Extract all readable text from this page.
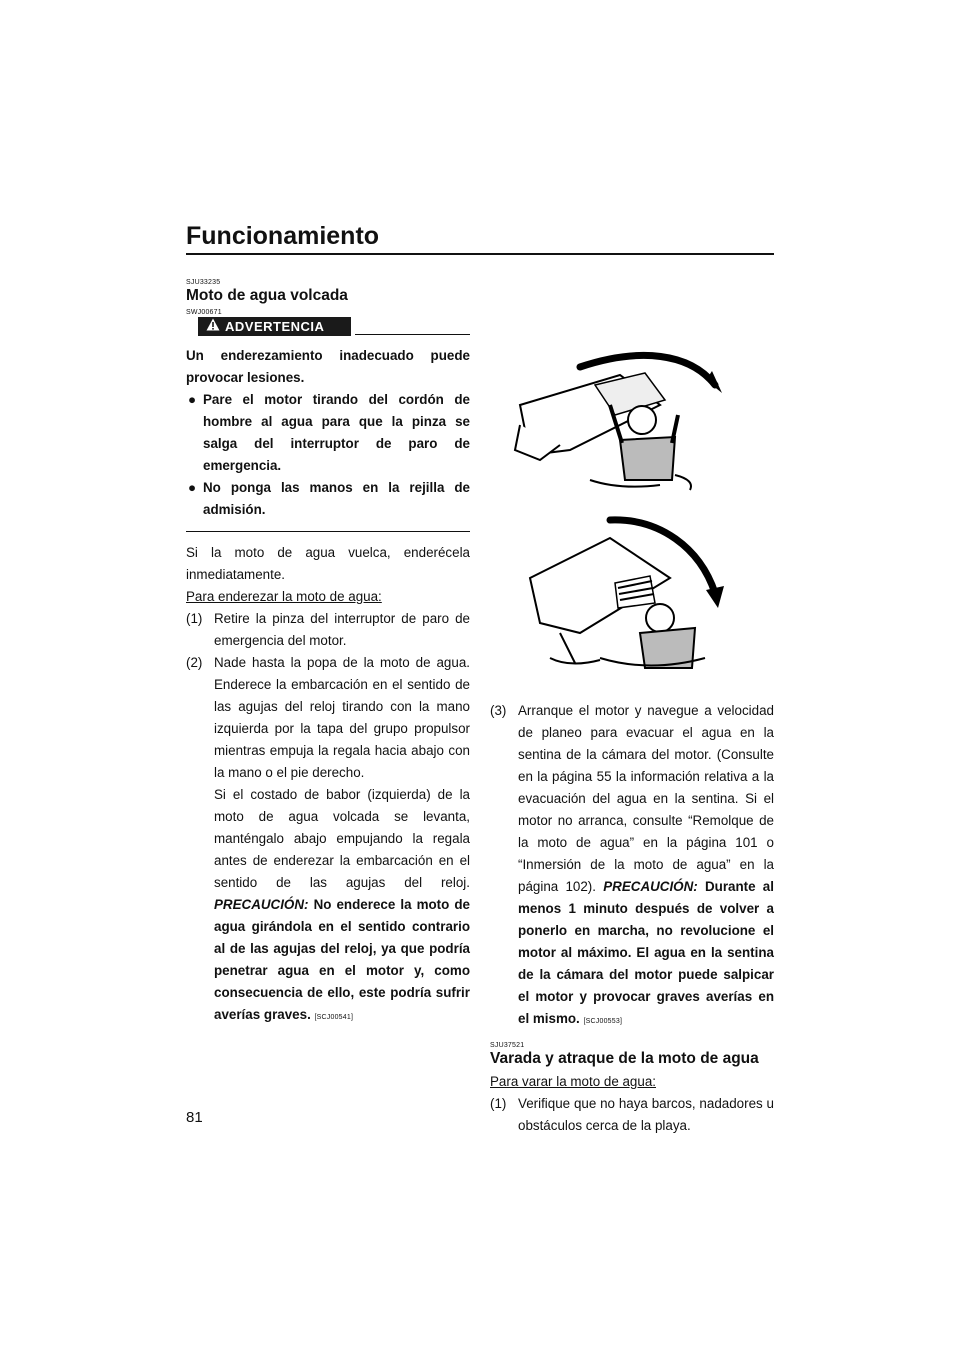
Funcionamiento
81
SJU33235
Moto de agua volcada
SWJ00671
ADVERTENCIA

Un enderezamiento inadecuado puede provocar lesiones.

● Pare el motor tirando del cordón de hombre al agua para que la pinza se salga del interruptor de paro de emergencia.
● No ponga las manos en la rejilla de admisión.

Si la moto de agua vuelca, enderécela inmediatamente.

Para enderezar la moto de agua:

(1) Retire la pinza del interruptor de paro de emergencia del motor.
(2) Nade hasta la popa de la moto de agua. Enderece la embarcación en el sentido de las agujas del reloj tirando con la mano izquierda por la tapa del grupo propulsor mientras empuja la regala hacia abajo con la mano o el pie derecho.
Si el costado de babor (izquierda) de la moto de agua volcada se levanta, manténgalo abajo empujando la regala antes de enderezar la embarcación en el sentido de las agujas del reloj. PRECAUCIÓN: No enderece la moto de agua girándola en el sentido contrario al de las agujas del reloj, ya que podría penetrar agua en el motor y, como consecuencia de ello, este podría sufrir averías graves. [SCJ00541]
(3) Arranque el motor y navegue a velocidad de planeo para evacuar el agua en la sentina de la cámara del motor. (Consulte en la página 55 la información relativa a la evacuación del agua en la sentina. Si el motor no arranca, consulte “Remolque de la moto de agua” en la página 101 o “Inmersión de la moto de agua” en la página 102). PRECAUCIÓN: Durante al menos 1 minuto después de volver a ponerlo en marcha, no revolucione el motor al máximo. El agua en la sentina de la cámara del motor puede salpicar el motor y provocar graves averías en el mismo. [SCJ00553]
SJU37521
Varada y atraque de la moto de agua

Para varar la moto de agua:

(1) Verifique que no haya barcos, nadadores u obstáculos cerca de la playa.
